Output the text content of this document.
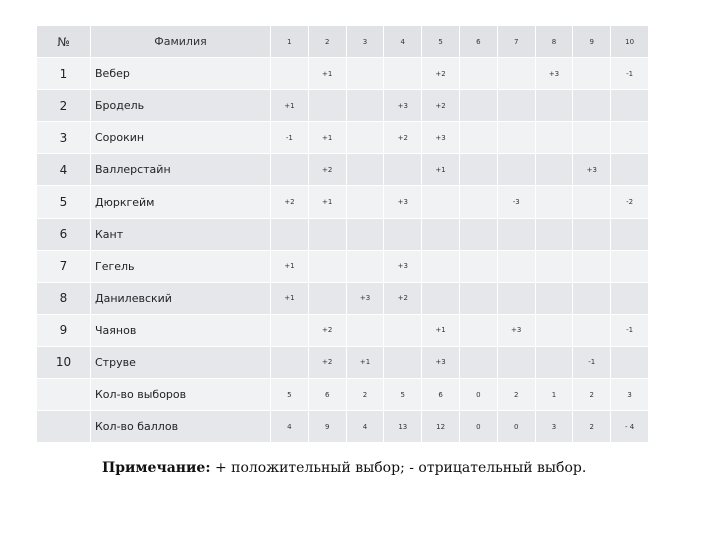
№	Фамилия	1	2	3	4	5	6	7	8	9	10
1	Вебер		+1			+2			+3		-1
2	Бродель	+1			+3	+2					
3	Сорокин	-1	+1		+2	+3					
4	Валлерстайн		+2			+1				+3	
5	Дюркгейм	+2	+1		+3			-3			-2
6	Кант										
7	Гегель	+1			+3						
8	Данилевский	+1		+3	+2						
9	Чаянов		+2			+1		+3			-1
10	Струве		+2	+1		+3				-1	
	Кол-во выборов	5	6	2	5	6	0	2	1	2	3
	Кол-во баллов	4	9	4	13	12	0	0	3	2	- 4
Примечание: + положительный выбор; - отрицательный выбор.
